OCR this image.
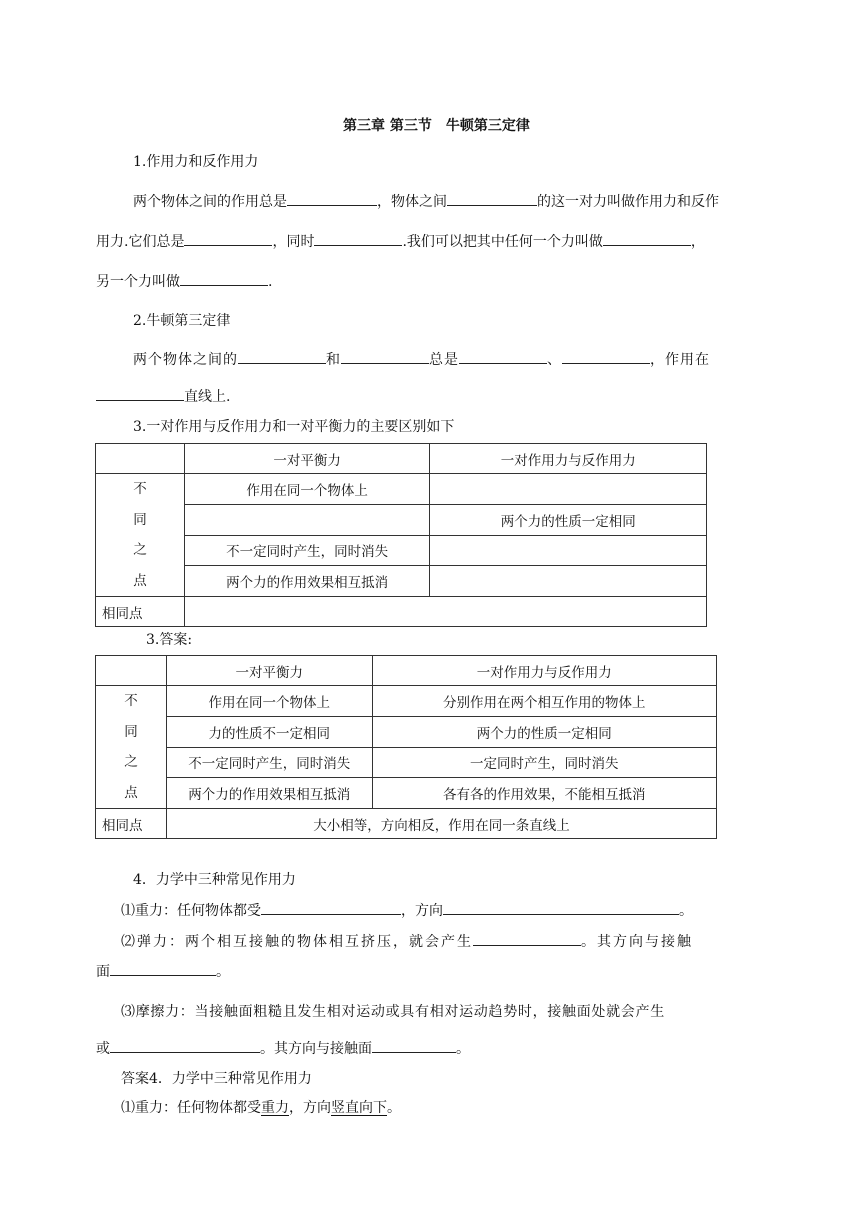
第三章 第三节　牛顿第三定律
1.作用力和反作用力
两个物体之间的作用总是	，物体之间	的这一对力叫做作用力和反作
用力.它们总是	，同时	.我们可以把其中任何一个力叫做	，
另一个力叫做	.
2.牛顿第三定律
两个物体之间的	和	总是	、	，作用在
直线上.
3.一对作用与反作用力和一对平衡力的主要区别如下
	一对平衡力	一对作用力与反作用力

不
同
之
点	作用在同一个物体上	
		两个力的性质一定相同
	不一定同时产生，同时消失	
	两个力的作用效果相互抵消	
相同点		
3.答案:
	一对平衡力	一对作用力与反作用力

不
同
之
点	作用在同一个物体上	分别作用在两个相互作用的物体上
	力的性质不一定相同	两个力的性质一定相同
	不一定同时产生，同时消失	一定同时产生，同时消失
	两个力的作用效果相互抵消	各有各的作用效果，不能相互抵消
相同点	大小相等，方向相反，作用在同一条直线上	
4．力学中三种常见作用力
⑴重力：任何物体都受	，方向	。
⑵弹力：两个相互接触的物体相互挤压，就会产生	。其方向与接触
面	。
⑶摩擦力：当接触面粗糙且发生相对运动或具有相对运动趋势时，接触面处就会产生
或	。其方向与接触面	。
答案4．力学中三种常见作用力
⑴重力：任何物体都受 重力 ，方向 竖直向下 。
